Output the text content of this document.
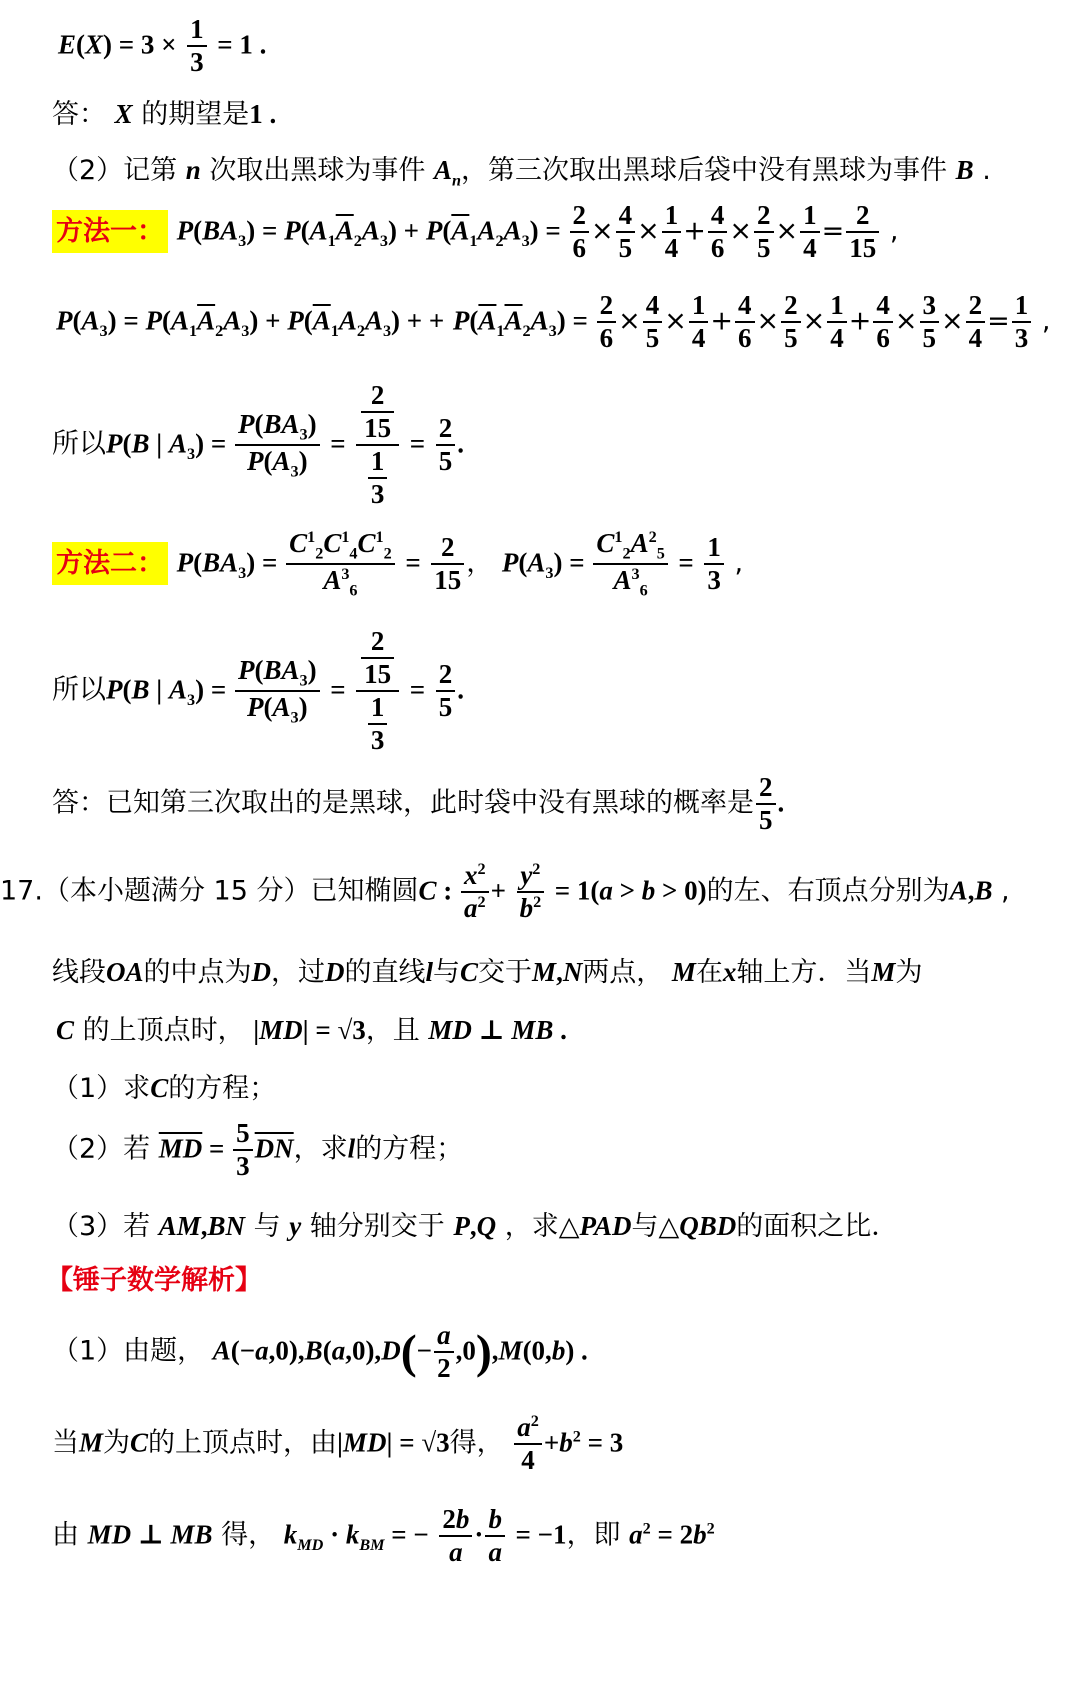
$E(X) = 3 \times \frac{1}{3} = 1$ .
答： X 的期望是1 .
（2）记第 n 次取出黑球为事件 $A_n$，第三次取出黑球后袋中没有黑球为事件 B .
方法一： $P(BA_3) = P(A_1\overline{A}_2A_3) + P(\overline{A}_1A_2A_3) = \frac{2}{6} \times \frac{4}{5} \times \frac{1}{4} + \frac{4}{6} \times \frac{2}{5} \times \frac{1}{4} = \frac{2}{15}$ ,
$P(A_3) = P(A_1\overline{A}_2A_3) + P(\overline{A}_1A_2A_3)$ + + $P(\overline{A}_1\overline{A}_2A_3) = \frac{2}{6} \times \frac{4}{5} \times \frac{1}{4} + \frac{4}{6} \times \frac{2}{5} \times \frac{1}{4} + \frac{4}{6} \times \frac{3}{5} \times \frac{2}{4} = \frac{1}{3}$ ,
所以P(B | $A_3) = \frac{P(BA_3)}{P(A_3)} = \frac{\frac{2}{15}}{\frac{1}{3}} = \frac{2}{5}$ .
方法二： $P(BA_3) = \frac{C^1_2C^1_4C^1_2}{A^3_6} = \frac{2}{15}$ ， $P(A_3) = \frac{C^1_2A^2_5}{A^3_6} = \frac{1}{3}$ ,
所以P(B | $A_3) = \frac{P(BA_3)}{P(A_3)} = \frac{\frac{2}{15}}{\frac{1}{3}} = \frac{2}{5}$ .
答：已知第三次取出的是黑球，此时袋中没有黑球的概率是 $\frac{2}{5}$ .
17.（本小题满分 15 分）已知椭圆C : $\frac{x^2}{a^2} + \frac{y^2}{b^2} = 1(a > b > 0)$的左、右顶点分别为A,B ,
线段OA的中点为D，过D的直线l与C交于M,N两点， M在x轴上方．当M为
C 的上顶点时， |MD| = √3，且 MD ⊥ MB .
（1）求C的方程；
（2）若 $\overline{MD} = \frac{5}{3} \overline{DN}$，求l的方程；
（3）若 AM,BN 与 y 轴分别交于 P,Q ，求△PAD与△QBD的面积之比．
【锤子数学解析】
（1）由题， $A(-a,0),B(a,0),D(- \frac{a}{2} ,0),M(0,b)$ .
当M为C的上顶点时，由|MD| = √3得， $\frac{a^2}{4} +b^2 = 3$
由 MD ⊥ MB 得， $k_{MD} \cdot k_{BM}$ = − $\frac{2b}{a} \cdot \frac{b}{a} = -1$，即 $a^2 = 2b^2$
